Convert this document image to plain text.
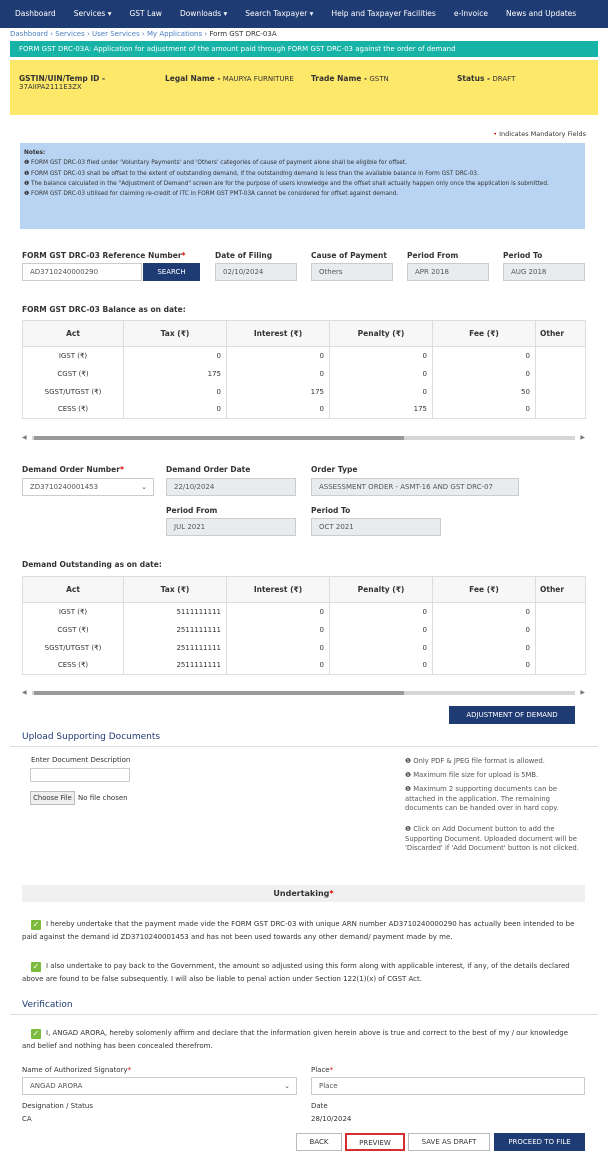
Dashboard	Services ▾	GST Law	Downloads ▾	Search Taxpayer ▾	Help and Taxpayer Facilities	e-Invoice	News and Updates
Dashboard › Services › User Services › My Applications › Form GST DRC-03A
FORM GST DRC-03A: Application for adjustment of the amount paid through FORM GST DRC-03 against the order of demand
GSTIN/UIN/Temp ID -
37AIIPA2111E3ZX
Legal Name - MAURYA FURNITURE Trade Name - GSTN	Status - DRAFT
• Indicates Mandatory Fields
Notes:
❶ FORM GST DRC-03 filed under 'Voluntary Payments' and 'Others' categories of cause of payment alone shall be eligible for offset.
❶ FORM GST DRC-03 shall be offset to the extent of outstanding demand, if the outstanding demand is less than the available balance in Form GST DRC-03.
❶ The balance calculated in the "Adjustment of Demand" screen are for the purpose of users knowledge and the offset shall actually happen only once the application is submitted.
❶ FORM GST DRC-03 utilised for claiming re-credit of ITC in FORM GST PMT-03A cannot be considered for offset against demand.
FORM GST DRC-03 Reference Number*
AD3710240000290	SEARCH
Date of Filing
02/10/2024
Cause of Payment
Others
Period From
APR 2018
Period To
AUG 2018
FORM GST DRC-03 Balance as on date:
Act	Tax (₹)	Interest (₹)	Penalty (₹)	Fee (₹)	Other
IGST (₹)	0	0	0	0	
CGST (₹)	175	0	0	0	
SGST/UTGST (₹)	0	175	0	50	
CESS (₹)	0	0	175	0	
◀	▶
Demand Order Number*
ZD3710240001453	⌄
Demand Order Date
22/10/2024
Order Type
ASSESSMENT ORDER - ASMT-16 AND GST DRC-07
Period From
JUL 2021
Period To
OCT 2021
Demand Outstanding as on date:
Act	Tax (₹)	Interest (₹)	Penalty (₹)	Fee (₹)	Other
IGST (₹)	5111111111	0	0	0	
CGST (₹)	2511111111	0	0	0	
SGST/UTGST (₹)	2511111111	0	0	0	
CESS (₹)	2511111111	0	0	0	
◀	▶
ADJUSTMENT OF DEMAND
Upload Supporting Documents
Enter Document Description
Choose File No file chosen
❶ Only PDF & JPEG file format is allowed.
❶ Maximum file size for upload is 5MB.
❶ Maximum 2 supporting documents can be attached in the application. The remaining documents can be handed over in hard copy.
❶ Click on Add Document button to add the Supporting Document. Uploaded document will be 'Discarded' if 'Add Document' button is not clicked.
Undertaking*
✓ I hereby undertake that the payment made vide the FORM GST DRC-03 with unique ARN number AD3710240000290 has actually been intended to be paid against the demand id ZD3710240001453 and has not been used towards any other demand/ payment made by me.
✓ I also undertake to pay back to the Government, the amount so adjusted using this form along with applicable interest, if any, of the details declared above are found to be false subsequently. I will also be liable to penal action under Section 122(1)(x) of CGST Act.
Verification
✓ I, ANGAD ARORA, hereby solomenly affirm and declare that the information given herein above is true and correct to the best of my / our knowledge and belief and nothing has been concealed therefrom.
Name of Authorized Signatory*
ANGAD ARORA	⌄
Place*
Place
Designation / Status
CA
Date
28/10/2024
BACK	PREVIEW	SAVE AS DRAFT	PROCEED TO FILE
